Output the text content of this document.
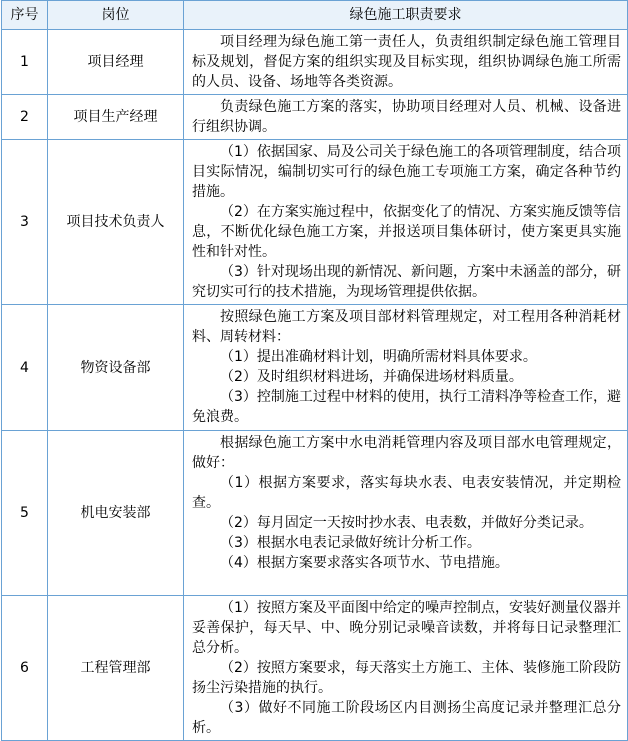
序号	岗位	绿色施工职责要求
1	项目经理	项目经理为绿色施工第一责任人，负责组织制定绿色施工管理目标及规划，督促方案的组织实现及目标实现，组织协调绿色施工所需的人员、设备、场地等各类资源。

2	项目生产经理	负责绿色施工方案的落实，协助项目经理对人员、机械、设备进行组织协调。

3	项目技术负责人	（1）依据国家、局及公司关于绿色施工的各项管理制度，结合项目实际情况，编制切实可行的绿色施工专项施工方案，确定各种节约措施。

（2）在方案实施过程中，依据变化了的情况、方案实施反馈等信息，不断优化绿色施工方案，并报送项目集体研讨，使方案更具实施性和针对性。

（3）针对现场出现的新情况、新问题，方案中未涵盖的部分，研究切实可行的技术措施，为现场管理提供依据。

4	物资设备部	按照绿色施工方案及项目部材料管理规定，对工程用各种消耗材料、周转材料：

（1）提出准确材料计划，明确所需材料具体要求。

（2）及时组织材料进场，并确保进场材料质量。

（3）控制施工过程中材料的使用，执行工清料净等检查工作，避免浪费。

5	机电安装部	根据绿色施工方案中水电消耗管理内容及项目部水电管理规定，做好：

（1）根据方案要求，落实每块水表、电表安装情况，并定期检查。

（2）每月固定一天按时抄水表、电表数，并做好分类记录。

（3）根据水电表记录做好统计分析工作。

（4）根据方案要求落实各项节水、节电措施。

6	工程管理部	（1）按照方案及平面图中给定的噪声控制点，安装好测量仪器并妥善保护，每天早、中、晚分别记录噪音读数，并将每日记录整理汇总分析。

（2）按照方案要求，每天落实土方施工、主体、装修施工阶段防扬尘污染措施的执行。

（3）做好不同施工阶段场区内目测扬尘高度记录并整理汇总分析。
